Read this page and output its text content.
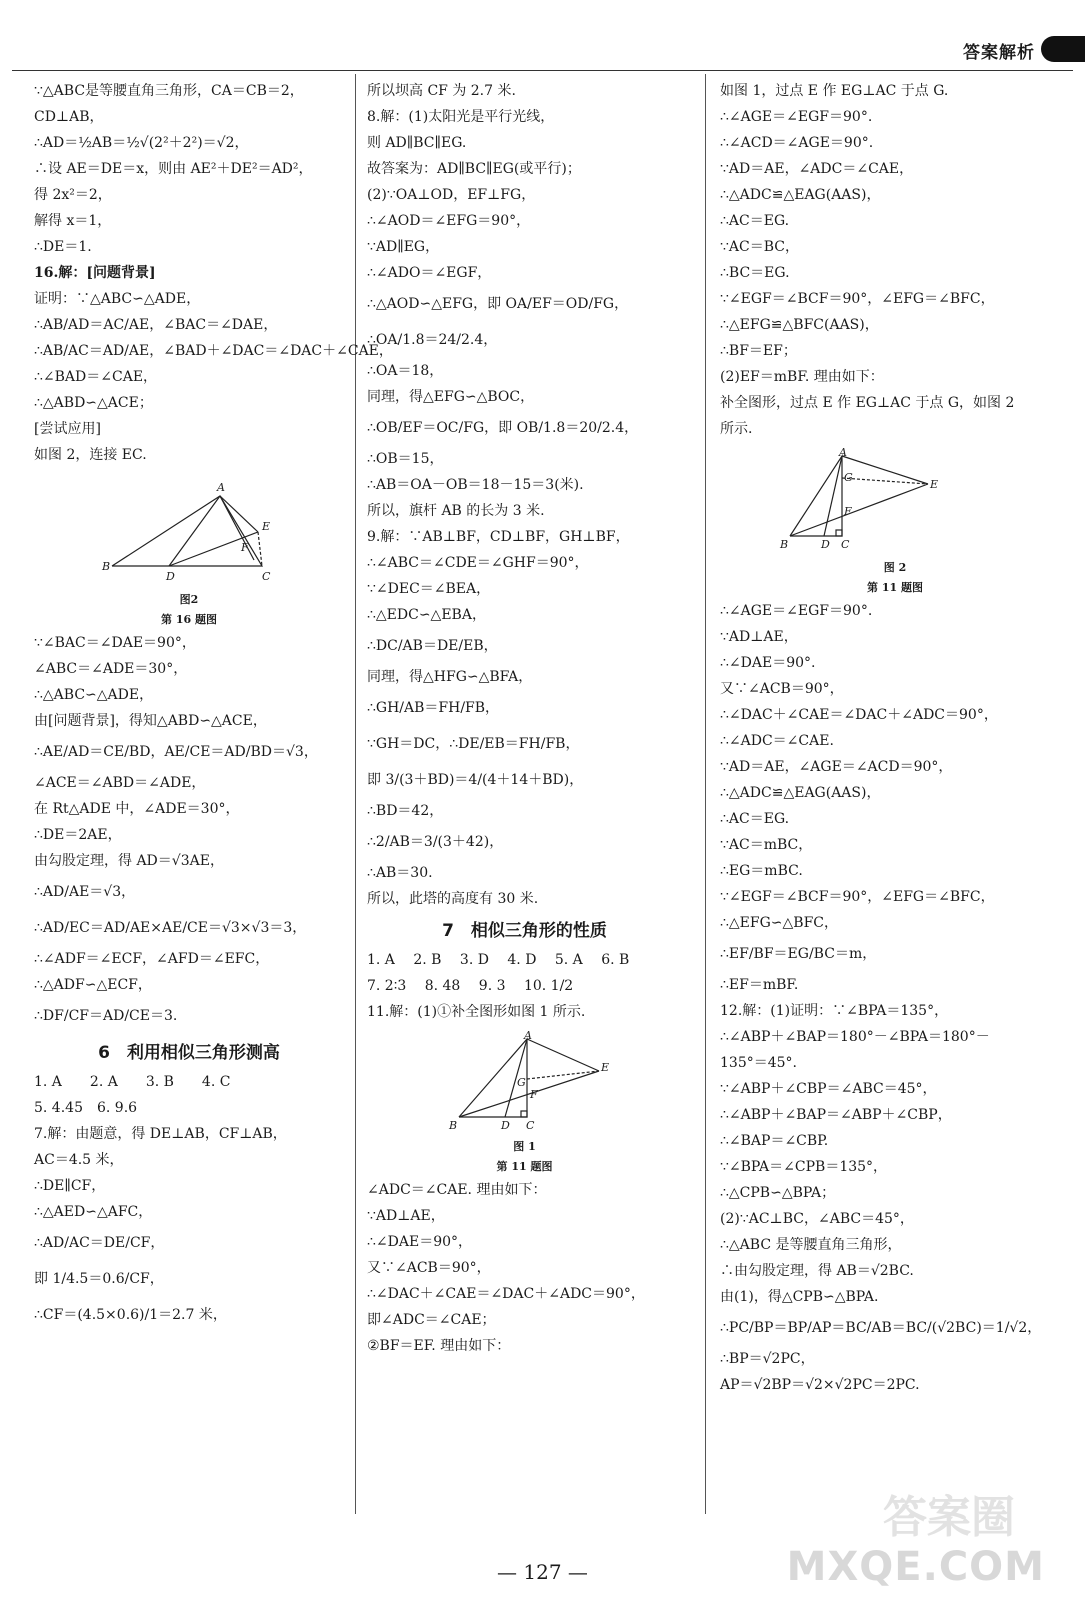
答案解析
∵△ABC是等腰直角三角形，CA＝CB＝2，
CD⊥AB，
∴AD＝½AB＝½√(2²＋2²)＝√2，
∴设 AE＝DE＝x，则由 AE²＋DE²＝AD²，
得 2x²＝2，
解得 x＝1，
∴DE＝1.
16.解：[问题背景]
证明：∵△ABC∽△ADE，
∴AB/AD＝AC/AE，∠BAC＝∠DAE，
∴AB/AC＝AD/AE，∠BAD＋∠DAC＝∠DAC＋∠CAE，
∴∠BAD＝∠CAE，
∴△ABD∽△ACE；
[尝试应用]
如图 2，连接 EC.
A
B
D	C
E
F
图2
第 16 题图
∵∠BAC＝∠DAE＝90°，
∠ABC＝∠ADE＝30°，
∴△ABC∽△ADE，
由[问题背景]，得知△ABD∽△ACE，
∴AE/AD＝CE/BD，AE/CE＝AD/BD＝√3，
∠ACE＝∠ABD＝∠ADE，
在 Rt△ADE 中，∠ADE＝30°，
∴DE＝2AE，
由勾股定理，得 AD＝√3AE，
∴AD/AE＝√3，
∴AD/EC＝AD/AE×AE/CE＝√3×√3＝3，
∴∠ADF＝∠ECF，∠AFD＝∠EFC，
∴△ADF∽△ECF，
∴DF/CF＝AD/CE＝3.
6　利用相似三角形测高
1. A　　2. A　　3. B　　4. C
5. 4.45　6. 9.6
7.解：由题意，得 DE⊥AB，CF⊥AB，
AC＝4.5 米，
∴DE∥CF，
∴△AED∽△AFC，
∴AD/AC＝DE/CF，
即 1/4.5＝0.6/CF，
∴CF＝(4.5×0.6)/1＝2.7 米，
所以坝高 CF 为 2.7 米.
8.解：(1)太阳光是平行光线，
则 AD∥BC∥EG.
故答案为：AD∥BC∥EG(或平行)；
(2)∵OA⊥OD，EF⊥FG，
∴∠AOD＝∠EFG＝90°，
∵AD∥EG，
∴∠ADO＝∠EGF，
∴△AOD∽△EFG，即 OA/EF＝OD/FG，
∴OA/1.8＝24/2.4，
∴OA＝18，
同理，得△EFG∽△BOC，
∴OB/EF＝OC/FG，即 OB/1.8＝20/2.4，
∴OB＝15，
∴AB＝OA－OB＝18－15＝3(米).
所以，旗杆 AB 的长为 3 米.
9.解：∵AB⊥BF，CD⊥BF，GH⊥BF，
∴∠ABC＝∠CDE＝∠GHF＝90°，
∵∠DEC＝∠BEA，
∴△EDC∽△EBA，
∴DC/AB＝DE/EB，
同理，得△HFG∽△BFA，
∴GH/AB＝FH/FB，
∵GH＝DC，∴DE/EB＝FH/FB，
即 3/(3＋BD)＝4/(4＋14＋BD)，
∴BD＝42，
∴2/AB＝3/(3＋42)，
∴AB＝30.
所以，此塔的高度有 30 米.
7　相似三角形的性质
1. A　 2. B　 3. D　 4. D　 5. A　 6. B
7. 2∶3　 8. 48　 9. 3　 10. 1/2
11.解：(1)①补全图形如图 1 所示.
A
B	D C
E
G
F
图 1
第 11 题图
∠ADC＝∠CAE. 理由如下：
∵AD⊥AE，
∴∠DAE＝90°，
又∵∠ACB＝90°，
∴∠DAC＋∠CAE＝∠DAC＋∠ADC＝90°，
即∠ADC＝∠CAE；
②BF＝EF. 理由如下：
如图 1，过点 E 作 EG⊥AC 于点 G.
∴∠AGE＝∠EGF＝90°.
∴∠ACD＝∠AGE＝90°.
∵AD＝AE，∠ADC＝∠CAE，
∴△ADC≌△EAG(AAS)，
∴AC＝EG.
∵AC＝BC，
∴BC＝EG.
∵∠EGF＝∠BCF＝90°，∠EFG＝∠BFC，
∴△EFG≌△BFC(AAS)，
∴BF＝EF；
(2)EF＝mBF. 理由如下：
补全图形，过点 E 作 EG⊥AC 于点 G，如图 2
所示.
A
B	D C
E
G
F
图 2
第 11 题图
∴∠AGE＝∠EGF＝90°.
∵AD⊥AE，
∴∠DAE＝90°.
又∵∠ACB＝90°，
∴∠DAC＋∠CAE＝∠DAC＋∠ADC＝90°，
∴∠ADC＝∠CAE.
∵AD＝AE，∠AGE＝∠ACD＝90°，
∴△ADC≌△EAG(AAS)，
∴AC＝EG.
∵AC＝mBC，
∴EG＝mBC.
∵∠EGF＝∠BCF＝90°，∠EFG＝∠BFC，
∴△EFG∽△BFC，
∴EF/BF＝EG/BC＝m，
∴EF＝mBF.
12.解：(1)证明：∵∠BPA＝135°，
∴∠ABP＋∠BAP＝180°－∠BPA＝180°－
135°＝45°.
∵∠ABP＋∠CBP＝∠ABC＝45°，
∴∠ABP＋∠BAP＝∠ABP＋∠CBP，
∴∠BAP＝∠CBP.
∵∠BPA＝∠CPB＝135°，
∴△CPB∽△BPA；
(2)∵AC⊥BC，∠ABC＝45°，
∴△ABC 是等腰直角三角形，
∴由勾股定理，得 AB＝√2BC.
由(1)，得△CPB∽△BPA.
∴PC/BP＝BP/AP＝BC/AB＝BC/(√2BC)＝1/√2，
∴BP＝√2PC，
AP＝√2BP＝√2×√2PC＝2PC.
— 127 —
答案圈
MXQE.COM
